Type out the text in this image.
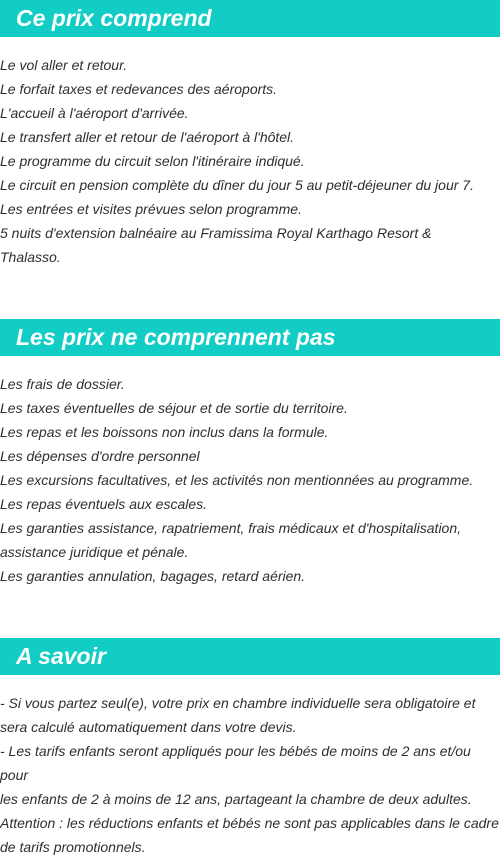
Ce prix comprend

Le vol aller et retour.

Le forfait taxes et redevances des aéroports.

L'accueil à l'aéroport d'arrivée.

Le transfert aller et retour de l'aéroport à l'hôtel.

Le programme du circuit selon l'itinéraire indiqué.

Le circuit en pension complète du dîner du jour 5 au petit-déjeuner du jour 7.

Les entrées et visites prévues selon programme.

5 nuits d'extension balnéaire au Framissima Royal Karthago Resort &

Thalasso.

Les prix ne comprennent pas

Les frais de dossier.

Les taxes éventuelles de séjour et de sortie du territoire.

Les repas et les boissons non inclus dans la formule.

Les dépenses d'ordre personnel

Les excursions facultatives, et les activités non mentionnées au programme.

Les repas éventuels aux escales.

Les garanties assistance, rapatriement, frais médicaux et d'hospitalisation,

assistance juridique et pénale.

Les garanties annulation, bagages, retard aérien.

A savoir

- Si vous partez seul(e), votre prix en chambre individuelle sera obligatoire et

sera calculé automatiquement dans votre devis.

- Les tarifs enfants seront appliqués pour les bébés de moins de 2 ans et/ou pour

les enfants de 2 à moins de 12 ans, partageant la chambre de deux adultes.

Attention : les réductions enfants et bébés ne sont pas applicables dans le cadre

de tarifs promotionnels.
